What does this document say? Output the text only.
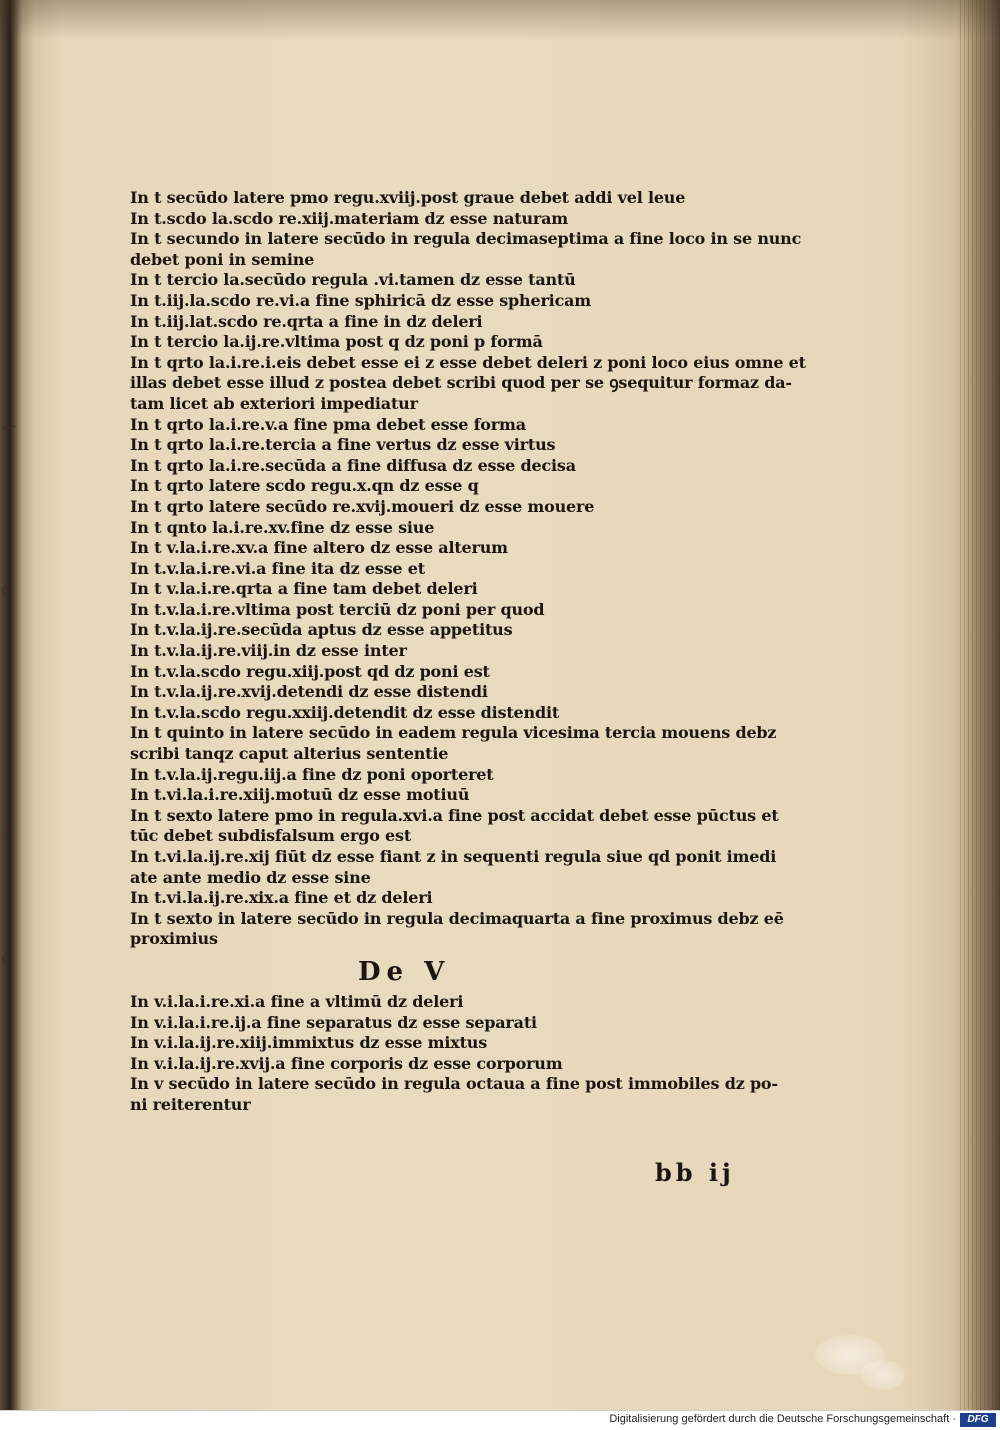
⁓
ᶴ
⸝
ᶠ
In t secūdo latere pmo regu.xviij.post graue debet addi vel leue
In t.scdo la.scdo re.xiij.materiam dz esse naturam
In t secundo in latere secūdo in regula decimaseptima a fine loco in se nunc
debet poni in semine
In t tercio la.secūdo regula .vi.tamen dz esse tantū
In t.iij.la.scdo re.vi.a fine sphiricā dz esse sphericam
In t.iij.lat.scdo re.qrta a fine in dz deleri
In t tercio la.ij.re.vltima post q dz poni p formā
In t qrto la.i.re.i.eis debet esse ei z esse debet deleri z poni loco eius omne et
illas debet esse illud z postea debet scribi quod per se ꝯsequitur formaz da-
tam licet ab exteriori impediatur
In t qrto la.i.re.v.a fine pma debet esse forma
In t qrto la.i.re.tercia a fine vertus dz esse virtus
In t qrto la.i.re.secūda a fine diffusa dz esse decisa
In t qrto latere scdo regu.x.qn dz esse q
In t qrto latere secūdo re.xvij.moueri dz esse mouere
In t qnto la.i.re.xv.fine dz esse siue
In t v.la.i.re.xv.a fine altero dz esse alterum
In t.v.la.i.re.vi.a fine ita dz esse et
In t v.la.i.re.qrta a fine tam debet deleri
In t.v.la.i.re.vltima post terciū dz poni per quod
In t.v.la.ij.re.secūda aptus dz esse appetitus
In t.v.la.ij.re.viij.in dz esse inter
In t.v.la.scdo regu.xiij.post qd dz poni est
In t.v.la.ij.re.xvij.detendi dz esse distendi
In t.v.la.scdo regu.xxiij.detendit dz esse distendit
In t quinto in latere secūdo in eadem regula vicesima tercia mouens debz
scribi tanqz caput alterius sententie
In t.v.la.ij.regu.iij.a fine dz poni oporteret
In t.vi.la.i.re.xiij.motuū dz esse motiuū
In t sexto latere pmo in regula.xvi.a fine post accidat debet esse pūctus et
tūc debet subdisfalsum ergo est
In t.vi.la.ij.re.xij fiūt dz esse fiant z in sequenti regula siue qd ponit imedi
ate ante medio dz esse sine
In t.vi.la.ij.re.xix.a fine et dz deleri
In t sexto in latere secūdo in regula decimaquarta a fine proximus debz eē
proximius
De V
In v.i.la.i.re.xi.a fine a vltimū dz deleri
In v.i.la.i.re.ij.a fine separatus dz esse separati
In v.i.la.ij.re.xiij.immixtus dz esse mixtus
In v.i.la.ij.re.xvij.a fine corporis dz esse corporum
In v secūdo in latere secūdo in regula octaua a fine post immobiles dz po-
ni reiterentur
bb ij
Digitalisierung gefördert durch die Deutsche Forschungsgemeinschaft ·	DFG
